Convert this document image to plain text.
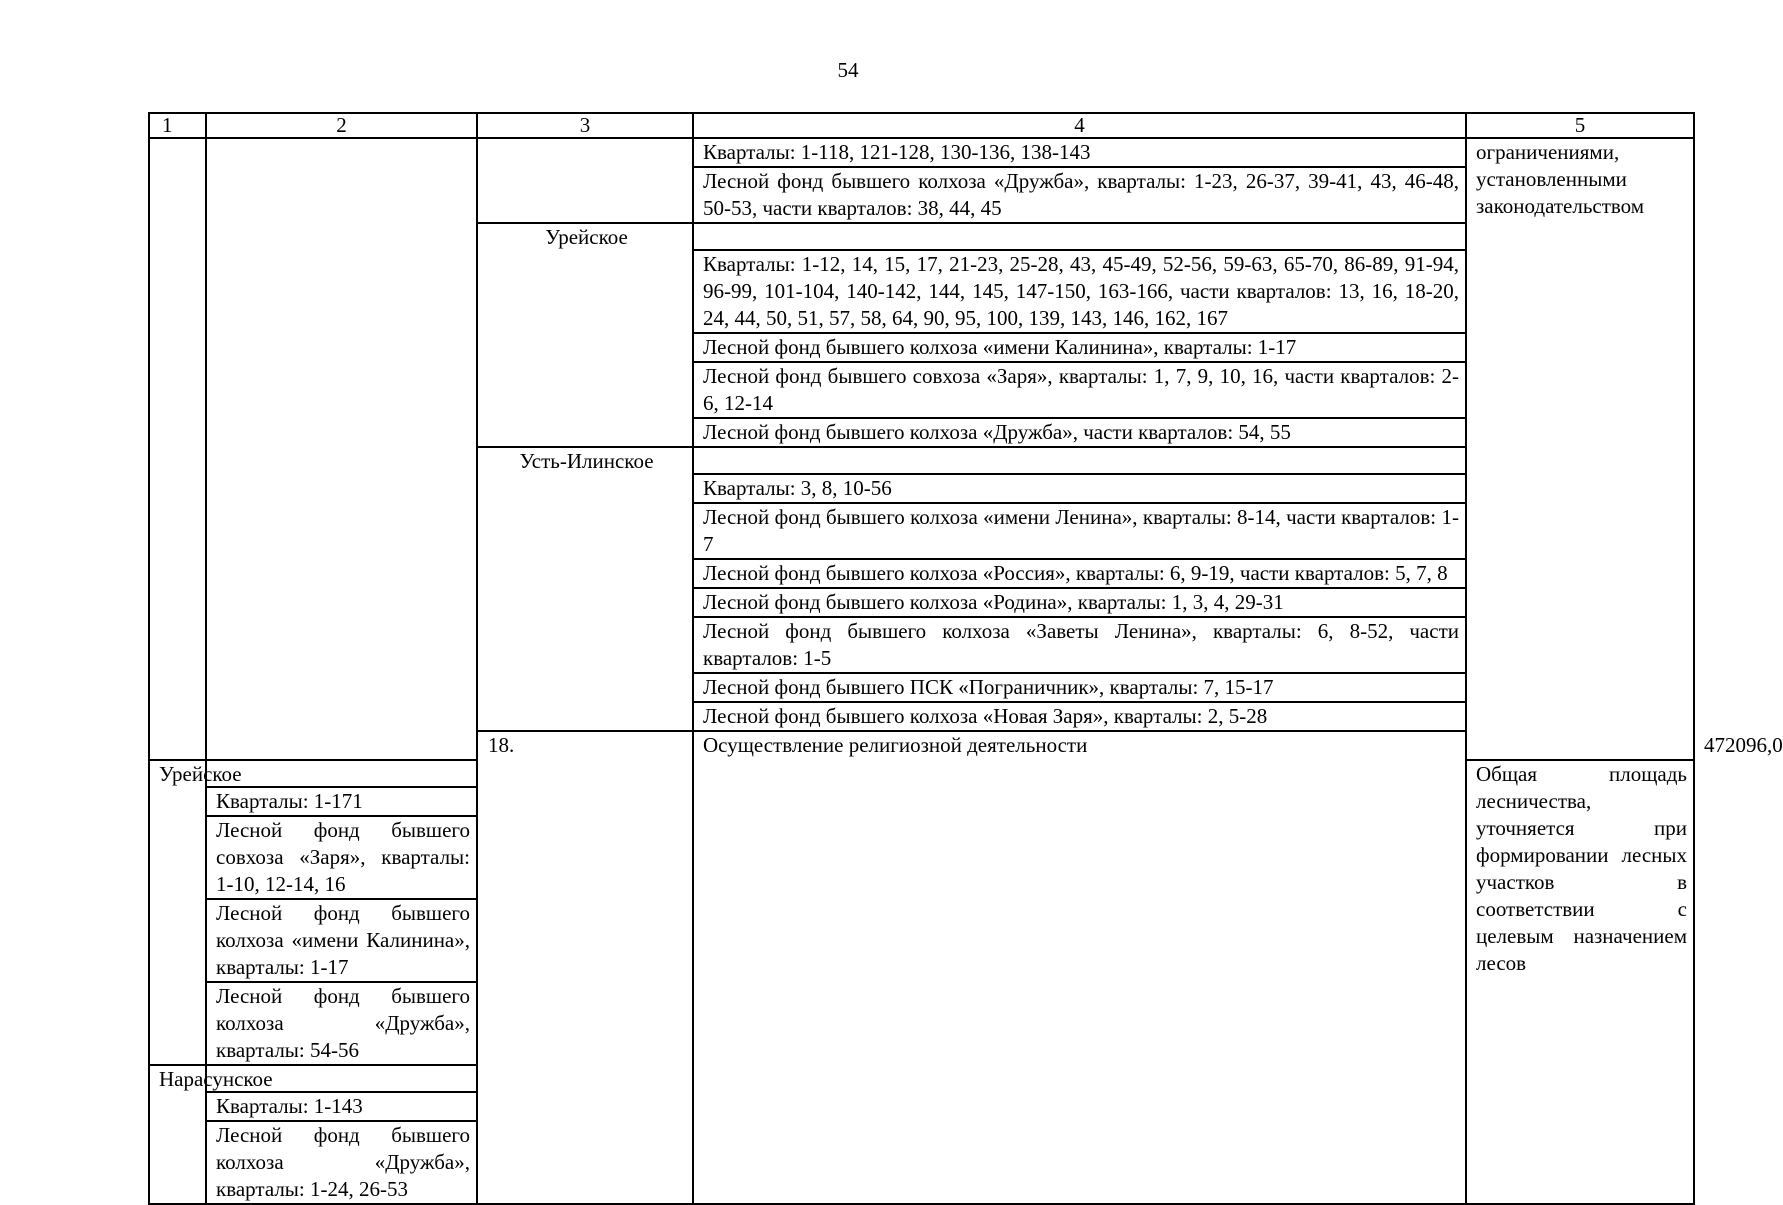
54
1	2	3	4	5	
			Кварталы: 1-118, 121-128, 130-136, 138-143	ограничениями, установленными законодательством	
			Лесной фонд бывшего колхоза «Дружба», кварталы: 1-23, 26-37, 39-41, 43, 46-48, 50-53, части кварталов: 38, 44, 45		
		Урейское			
			Кварталы: 1-12, 14, 15, 17, 21-23, 25-28, 43, 45-49, 52-56, 59-63, 65-70, 86-89, 91-94, 96-99, 101-104, 140-142, 144, 145, 147-150, 163-166, части кварталов: 13, 16, 18-20, 24, 44, 50, 51, 57, 58, 64, 90, 95, 100, 139, 143, 146, 162, 167		
			Лесной фонд бывшего колхоза «имени Калинина», кварталы: 1-17		
			Лесной фонд бывшего совхоза «Заря», кварталы: 1, 7, 9, 10, 16, части кварталов: 2-6, 12-14		
			Лесной фонд бывшего колхоза «Дружба», части кварталов: 54, 55		
		Усть-Илинское			
			Кварталы: 3, 8, 10-56		
			Лесной фонд бывшего колхоза «имени Ленина», кварталы: 8-14, части кварталов: 1-7		
			Лесной фонд бывшего колхоза «Россия», кварталы: 6, 9-19, части кварталов: 5, 7, 8		
			Лесной фонд бывшего колхоза «Родина», кварталы: 1, 3, 4, 29-31		
			Лесной фонд бывшего колхоза «Заветы Ленина», кварталы: 6, 8-52, части кварталов: 1-5		
			Лесной фонд бывшего ПСК «Пограничник», кварталы: 7, 15-17		
			Лесной фонд бывшего колхоза «Новая Заря», кварталы: 2, 5-28		
		18.	Осуществление религиозной деятельности			472096,0
Урейское				Общая площадь лесничества, уточняется при формировании лесных участков в соответствии с целевым назначением лесов	
	Кварталы: 1-171				
	Лесной фонд бывшего совхоза «Заря», кварталы: 1-10, 12-14, 16				
	Лесной фонд бывшего колхоза «имени Калинина», кварталы: 1-17				
	Лесной фонд бывшего колхоза «Дружба», кварталы: 54-56				
Нарасунское					
	Кварталы: 1-143				
	Лесной фонд бывшего колхоза «Дружба», кварталы: 1-24, 26-53				
